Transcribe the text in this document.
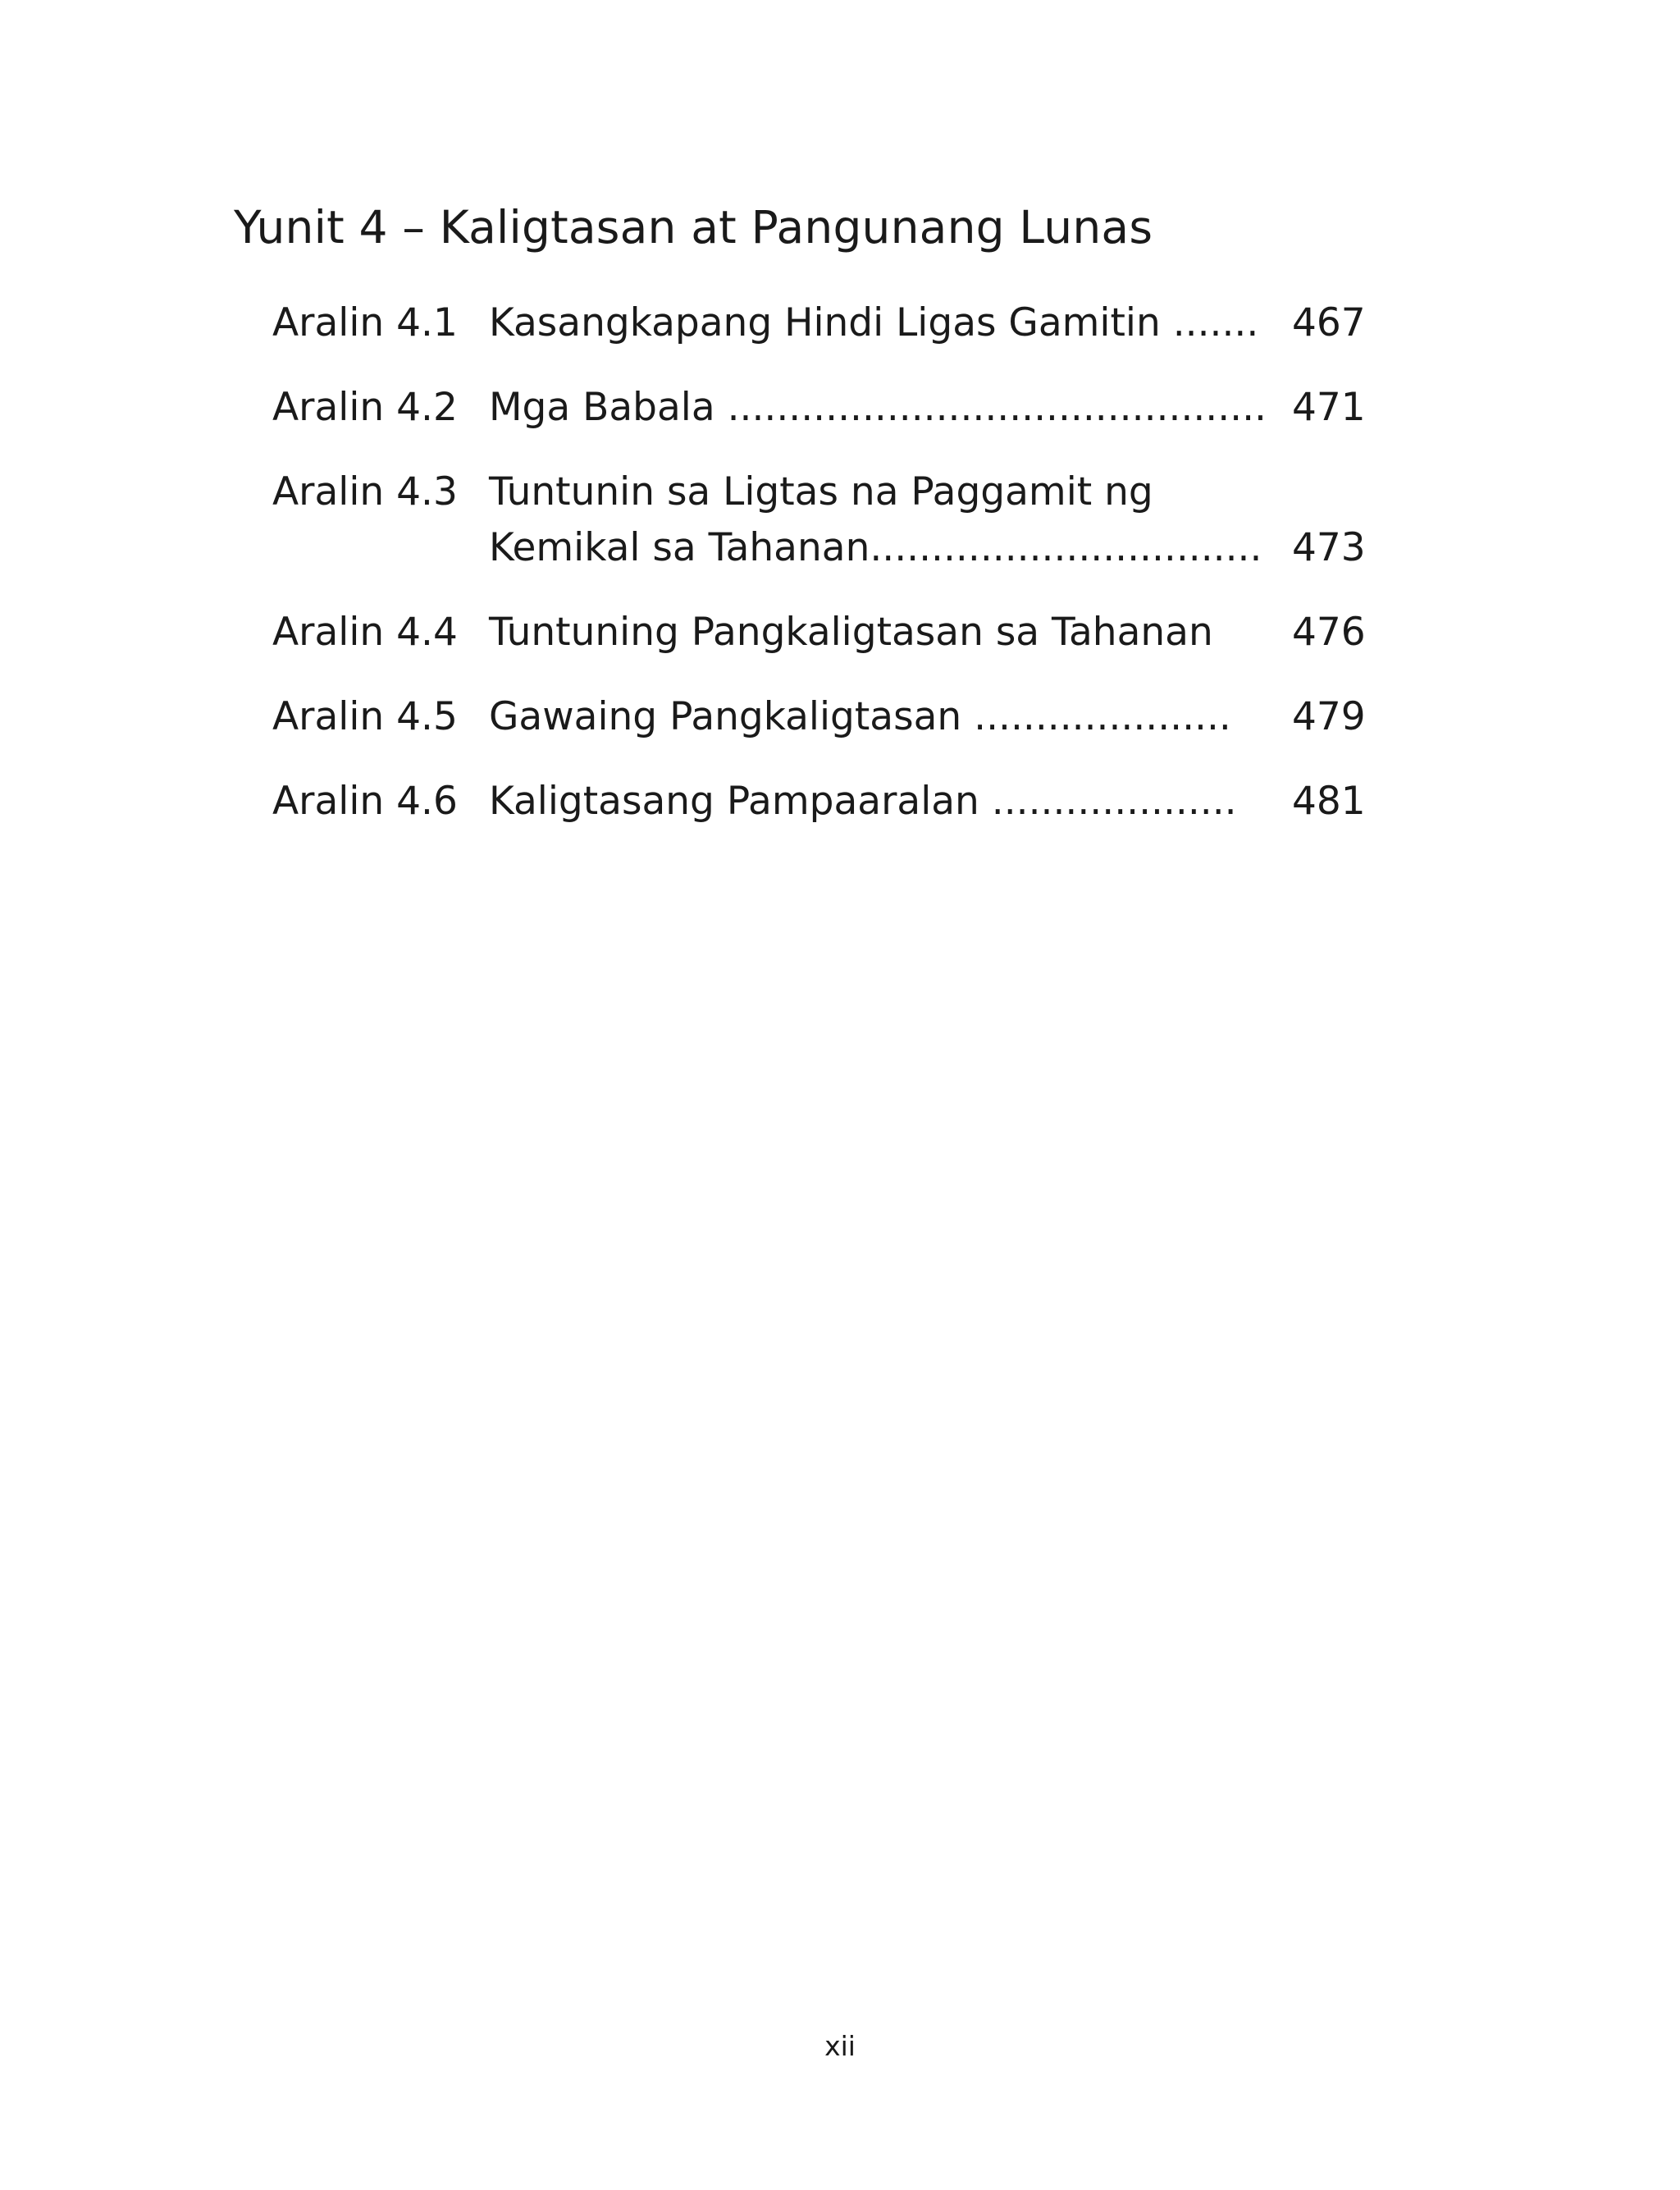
Yunit 4 – Kaligtasan at Pangunang Lunas
Aralin 4.1 Kasangkapang Hindi Ligas Gamitin ....... 467
Aralin 4.2 Mga Babala ............................................ 471
Aralin 4.3 Tuntunin sa Ligtas na Paggamit ng
Kemikal sa Tahanan................................ 473
Aralin 4.4 Tuntuning Pangkaligtasan sa Tahanan 476
Aralin 4.5 Gawaing Pangkaligtasan ..................... 479
Aralin 4.6 Kaligtasang Pampaaralan .................... 481
xii
